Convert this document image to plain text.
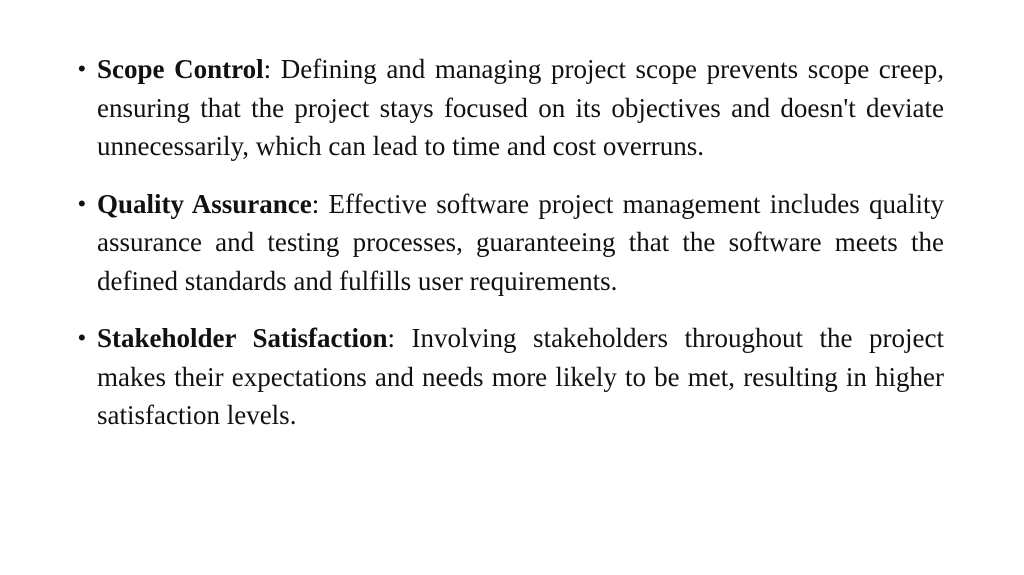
• Scope Control: Defining and managing project scope prevents scope creep, ensuring that the project stays focused on its objectives and doesn't deviate unnecessarily, which can lead to time and cost overruns.
• Quality Assurance: Effective software project management includes quality assurance and testing processes, guaranteeing that the software meets the defined standards and fulfills user requirements.
• Stakeholder Satisfaction: Involving stakeholders throughout the project makes their expectations and needs more likely to be met, resulting in higher satisfaction levels.
